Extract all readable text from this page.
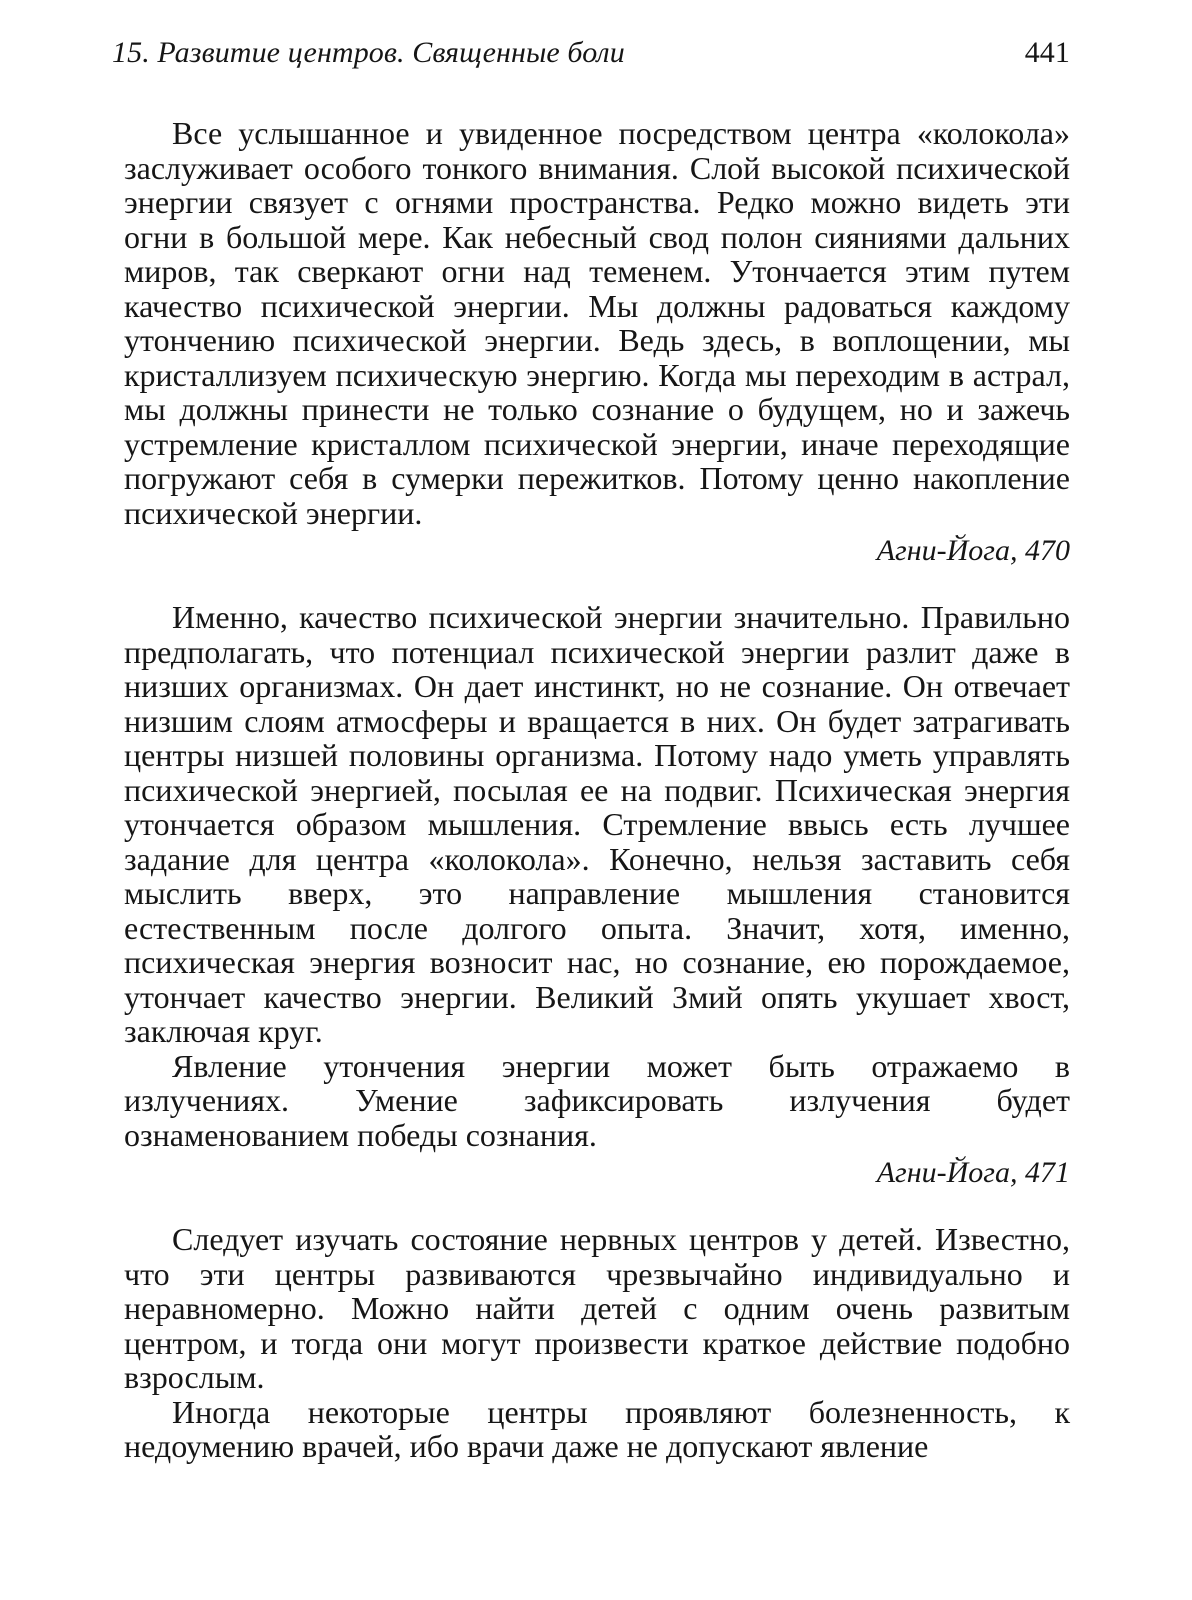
15. Развитие центров. Священные боли	441

Все услышанное и увиденное посредством центра «колокола» заслуживает особого тонкого внимания. Слой высокой психической энергии связует с огнями пространства. Редко можно видеть эти огни в большой мере. Как небесный свод полон сияниями дальних миров, так сверкают огни над теменем. Утончается этим путем качество психической энергии. Мы должны радоваться каждому утончению психической энергии. Ведь здесь, в воплощении, мы кристаллизуем психическую энергию. Когда мы переходим в астрал, мы должны принести не только сознание о будущем, но и зажечь устремление кристаллом психической энергии, иначе переходящие погружают себя в сумерки пережитков. Потому ценно накопление психической энергии.

Агни-Йога, 470

Именно, качество психической энергии значительно. Правильно предполагать, что потенциал психической энергии разлит даже в низших организмах. Он дает инстинкт, но не сознание. Он отвечает низшим слоям атмосферы и вращается в них. Он будет затрагивать центры низшей половины организма. Потому надо уметь управлять психической энергией, посылая ее на подвиг. Психическая энергия утончается образом мышления. Стремление ввысь есть лучшее задание для центра «колокола». Конечно, нельзя заставить себя мыслить вверх, это направление мышления становится естественным после долгого опыта. Значит, хотя, именно, психическая энергия возносит нас, но сознание, ею порождаемое, утончает качество энергии. Великий Змий опять укушает хвост, заключая круг.

Явление утончения энергии может быть отражаемо в излучениях. Умение зафиксировать излучения будет ознаменованием победы сознания.

Агни-Йога, 471

Следует изучать состояние нервных центров у детей. Известно, что эти центры развиваются чрезвычайно индивидуально и неравномерно. Можно найти детей с одним очень развитым центром, и тогда они могут произвести краткое действие подобно взрослым.

Иногда некоторые центры проявляют болезненность, к недоумению врачей, ибо врачи даже не допускают явление
